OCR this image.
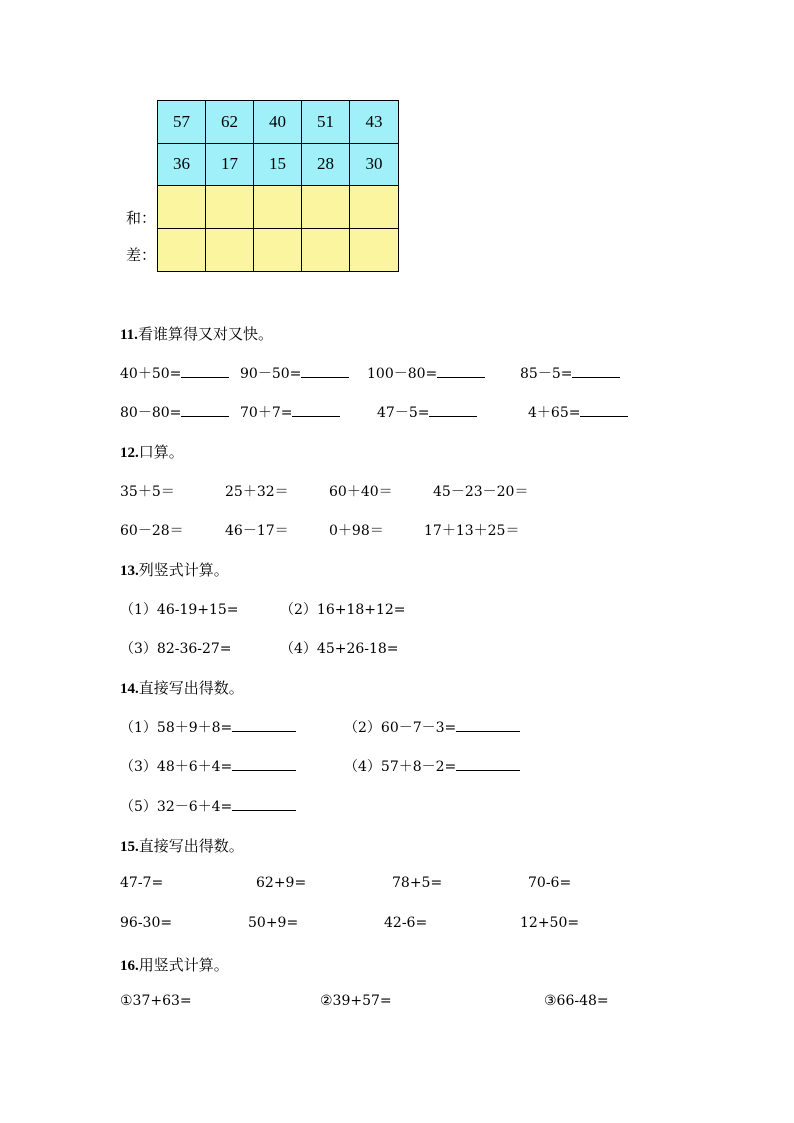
57	62	40	51	43
36	17	15	28	30
和：
差：
11.看谁算得又对又快。
40＋50=	90－50=	100－80=	85－5=
80－80=	70＋7=	47－5=	4＋65=
12.口算。
35＋5＝	25＋32＝	60＋40＝	45－23－20＝
60－28＝	46－17＝	0＋98＝	17＋13＋25＝
13.列竖式计算。
（1）46-19+15=	（2）16+18+12=
（3）82-36-27=	（4）45+26-18=
14.直接写出得数。
（1）58＋9＋8=	（2）60－7－3=
（3）48＋6＋4=	（4）57＋8－2=
（5）32－6＋4=
15.直接写出得数。
47-7=	62+9=	78+5=	70-6=
96-30=	50+9=	42-6=	12+50=
16.用竖式计算。
①37+63=	②39+57=	③66-48=
